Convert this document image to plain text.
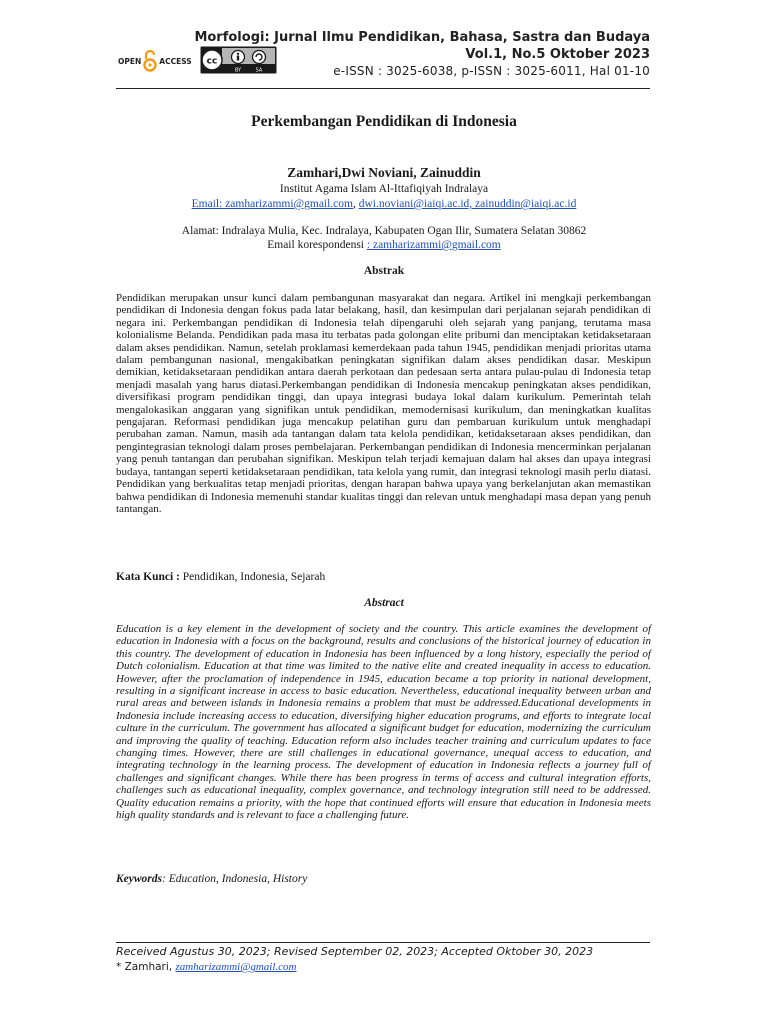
Morfologi: Jurnal Ilmu Pendidikan, Bahasa, Sastra dan Budaya
Vol.1, No.5 Oktober 2023
e-ISSN : 3025-6038, p-ISSN : 3025-6011, Hal 01-10
OPEN ACCESS cc
BY	SA
Perkembangan Pendidikan di Indonesia
Zamhari,Dwi Noviani, Zainuddin
Institut Agama Islam Al-Ittafiqiyah Indralaya
Email: zamharizammi@gmail.com, dwi.noviani@iaiqi.ac.id, zainuddin@iaiqi.ac.id
Alamat: Indralaya Mulia, Kec. Indralaya, Kabupaten Ogan Ilir, Sumatera Selatan 30862
Email korespondensi : zamharizammi@gmail.com
Abstrak
Pendidikan merupakan unsur kunci dalam pembangunan masyarakat dan negara. Artikel ini mengkaji perkembangan pendidikan di Indonesia dengan fokus pada latar belakang, hasil, dan kesimpulan dari perjalanan sejarah pendidikan di negara ini. Perkembangan pendidikan di Indonesia telah dipengaruhi oleh sejarah yang panjang, terutama masa kolonialisme Belanda. Pendidikan pada masa itu terbatas pada golongan elite pribumi dan menciptakan ketidaksetaraan dalam akses pendidikan. Namun, setelah proklamasi kemerdekaan pada tahun 1945, pendidikan menjadi prioritas utama dalam pembangunan nasional, mengakibatkan peningkatan signifikan dalam akses pendidikan dasar. Meskipun demikian, ketidaksetaraan pendidikan antara daerah perkotaan dan pedesaan serta antara pulau-pulau di Indonesia tetap menjadi masalah yang harus diatasi.Perkembangan pendidikan di Indonesia mencakup peningkatan akses pendidikan, diversifikasi program pendidikan tinggi, dan upaya integrasi budaya lokal dalam kurikulum. Pemerintah telah mengalokasikan anggaran yang signifikan untuk pendidikan, memodernisasi kurikulum, dan meningkatkan kualitas pengajaran. Reformasi pendidikan juga mencakup pelatihan guru dan pembaruan kurikulum untuk menghadapi perubahan zaman. Namun, masih ada tantangan dalam tata kelola pendidikan, ketidaksetaraan akses pendidikan, dan pengintegrasian teknologi dalam proses pembelajaran. Perkembangan pendidikan di Indonesia mencerminkan perjalanan yang penuh tantangan dan perubahan signifikan. Meskipun telah terjadi kemajuan dalam hal akses dan upaya integrasi budaya, tantangan seperti ketidaksetaraan pendidikan, tata kelola yang rumit, dan integrasi teknologi masih perlu diatasi. Pendidikan yang berkualitas tetap menjadi prioritas, dengan harapan bahwa upaya yang berkelanjutan akan memastikan bahwa pendidikan di Indonesia memenuhi standar kualitas tinggi dan relevan untuk menghadapi masa depan yang penuh tantangan.
Kata Kunci : Pendidikan, Indonesia, Sejarah
Abstract
Education is a key element in the development of society and the country. This article examines the development of education in Indonesia with a focus on the background, results and conclusions of the historical journey of education in this country. The development of education in Indonesia has been influenced by a long history, especially the period of Dutch colonialism. Education at that time was limited to the native elite and created inequality in access to education. However, after the proclamation of independence in 1945, education became a top priority in national development, resulting in a significant increase in access to basic education. Nevertheless, educational inequality between urban and rural areas and between islands in Indonesia remains a problem that must be addressed.Educational developments in Indonesia include increasing access to education, diversifying higher education programs, and efforts to integrate local culture in the curriculum. The government has allocated a significant budget for education, modernizing the curriculum and improving the quality of teaching. Education reform also includes teacher training and curriculum updates to face changing times. However, there are still challenges in educational governance, unequal access to education, and integrating technology in the learning process. The development of education in Indonesia reflects a journey full of challenges and significant changes. While there has been progress in terms of access and cultural integration efforts, challenges such as educational inequality, complex governance, and technology integration still need to be addressed. Quality education remains a priority, with the hope that continued efforts will ensure that education in Indonesia meets high quality standards and is relevant to face a challenging future.
Keywords: Education, Indonesia, History
Received Agustus 30, 2023; Revised September 02, 2023; Accepted Oktober 30, 2023
* Zamhari, zamharizammi@gmail.com
